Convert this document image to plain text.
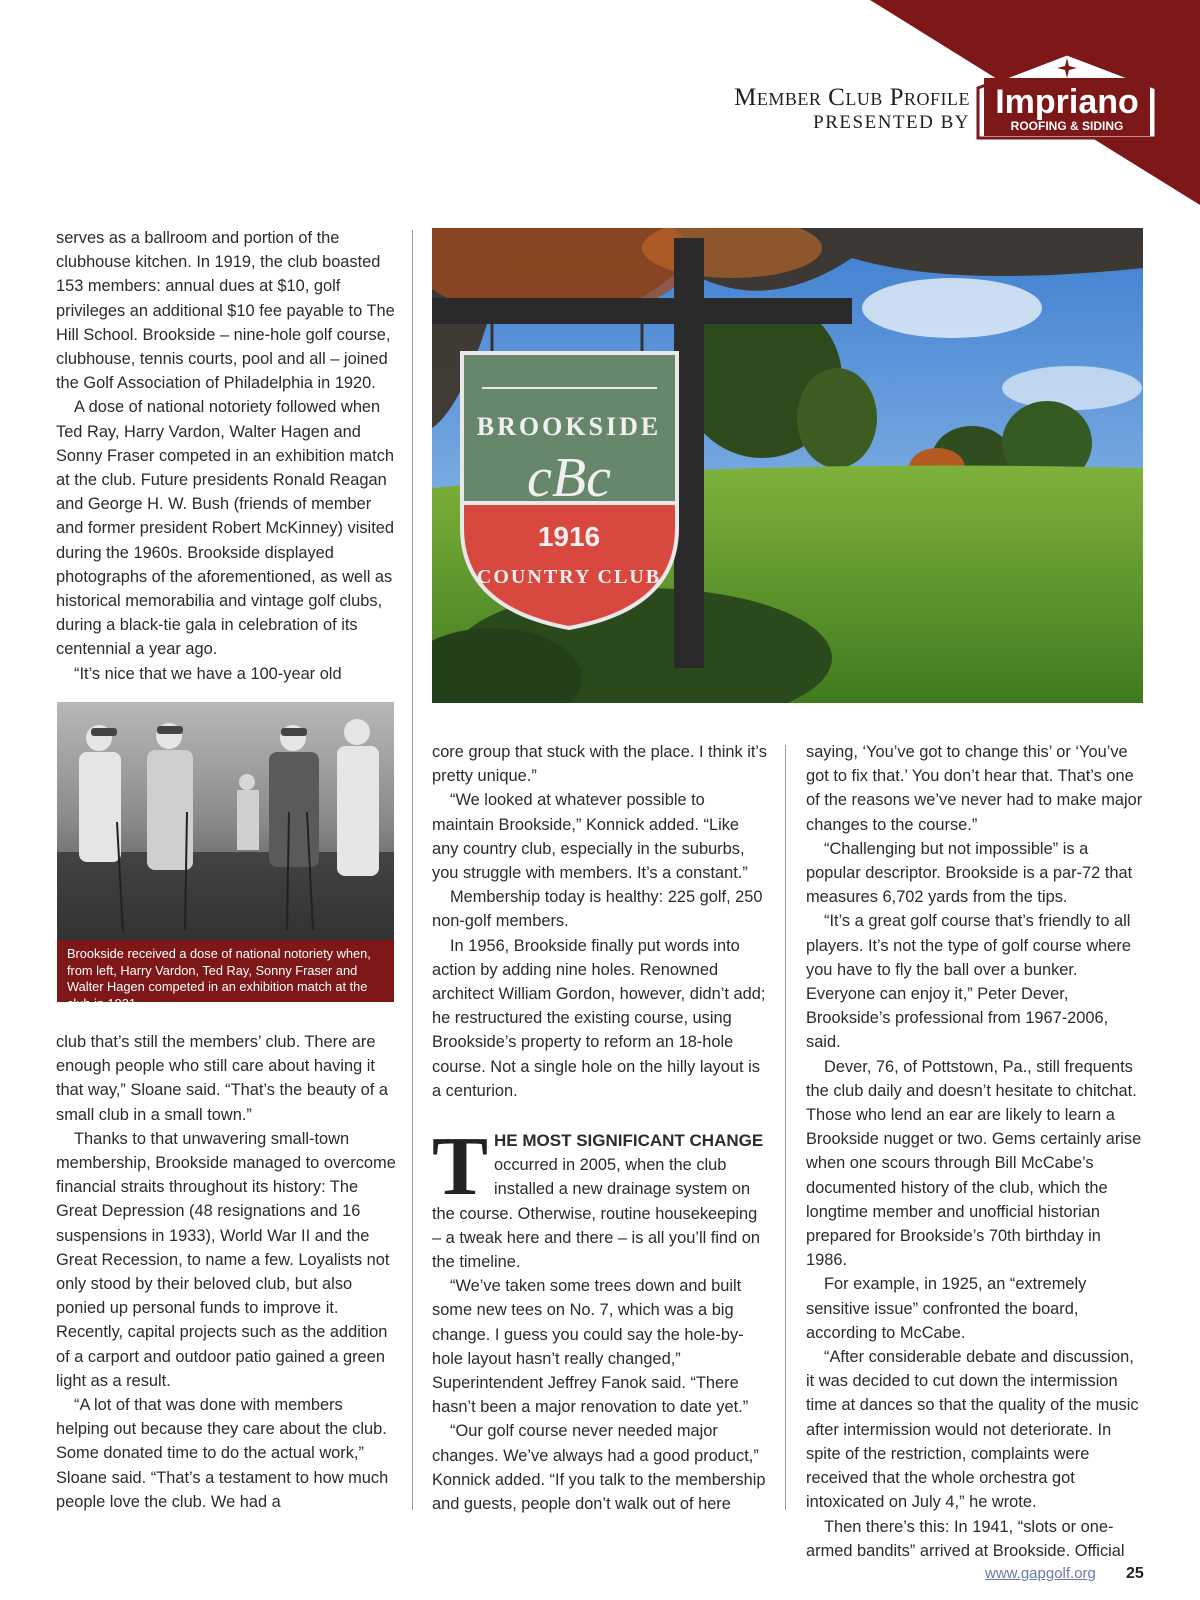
Member Club Profile
PRESENTED BY
Impriano
ROOFING & SIDING

serves as a ballroom and portion of the clubhouse kitchen. In 1919, the club boasted 153 members: annual dues at $10, golf privileges an additional $10 fee payable to The Hill School. Brookside – nine-hole golf course, clubhouse, tennis courts, pool and all – joined the Golf Association of Philadelphia in 1920.

A dose of national notoriety followed when Ted Ray, Harry Vardon, Walter Hagen and Sonny Fraser competed in an exhibition match at the club. Future presidents Ronald Reagan and George H. W. Bush (friends of member and former president Robert McKinney) visited during the 1960s. Brookside displayed photographs of the aforementioned, as well as historical memorabilia and vintage golf clubs, during a black-tie gala in celebration of its centennial a year ago.

“It’s nice that we have a 100-year old

Brookside received a dose of national notoriety when, from left, Harry Vardon, Ted Ray, Sonny Fraser and Walter Hagen competed in an exhibition match at the club in 1921.

club that’s still the members’ club. There are enough people who still care about having it that way,” Sloane said. “That’s the beauty of a small club in a small town.”

Thanks to that unwavering small-town membership, Brookside managed to overcome financial straits throughout its history: The Great Depression (48 resignations and 16 suspensions in 1933), World War II and the Great Recession, to name a few. Loyalists not only stood by their beloved club, but also ponied up personal funds to improve it. Recently, capital projects such as the addition of a carport and outdoor patio gained a green light as a result.

“A lot of that was done with members helping out because they care about the club. Some donated time to do the actual work,” Sloane said. “That’s a testament to how much people love the club. We had a

BROOKSIDE
cBc
1916
COUNTRY CLUB

core group that stuck with the place. I think it’s pretty unique.”

“We looked at whatever possible to maintain Brookside,” Konnick added. “Like any country club, especially in the suburbs, you struggle with members. It’s a constant.”

Membership today is healthy: 225 golf, 250 non-golf members.

In 1956, Brookside finally put words into action by adding nine holes. Renowned architect William Gordon, however, didn’t add; he restructured the existing course, using Brookside’s property to reform an 18-hole course. Not a single hole on the hilly layout is a centurion.

THE MOST SIGNIFICANT CHANGE occurred in 2005, when the club installed a new drainage system on the course. Otherwise, routine housekeeping – a tweak here and there – is all you’ll find on the timeline.

“We’ve taken some trees down and built some new tees on No. 7, which was a big change. I guess you could say the hole-by-hole layout hasn’t really changed,” Superintendent Jeffrey Fanok said. “There hasn’t been a major renovation to date yet.”

“Our golf course never needed major changes. We’ve always had a good product,” Konnick added. “If you talk to the membership and guests, people don’t walk out of here

saying, ‘You’ve got to change this’ or ‘You’ve got to fix that.’ You don’t hear that. That’s one of the reasons we’ve never had to make major changes to the course.”

“Challenging but not impossible” is a popular descriptor. Brookside is a par-72 that measures 6,702 yards from the tips.

“It’s a great golf course that’s friendly to all players. It’s not the type of golf course where you have to fly the ball over a bunker. Everyone can enjoy it,” Peter Dever, Brookside’s professional from 1967-2006, said.

Dever, 76, of Pottstown, Pa., still frequents the club daily and doesn’t hesitate to chitchat. Those who lend an ear are likely to learn a Brookside nugget or two. Gems certainly arise when one scours through Bill McCabe’s documented history of the club, which the longtime member and unofficial historian prepared for Brookside’s 70th birthday in 1986.

For example, in 1925, an “extremely sensitive issue” confronted the board, according to McCabe.

“After considerable debate and discussion, it was decided to cut down the intermission time at dances so that the quality of the music after intermission would not deteriorate. In spite of the restriction, complaints were received that the whole orchestra got intoxicated on July 4,” he wrote.

Then there’s this: In 1941, “slots or one-armed bandits” arrived at Brookside. Official

www.gapgolf.org 25
